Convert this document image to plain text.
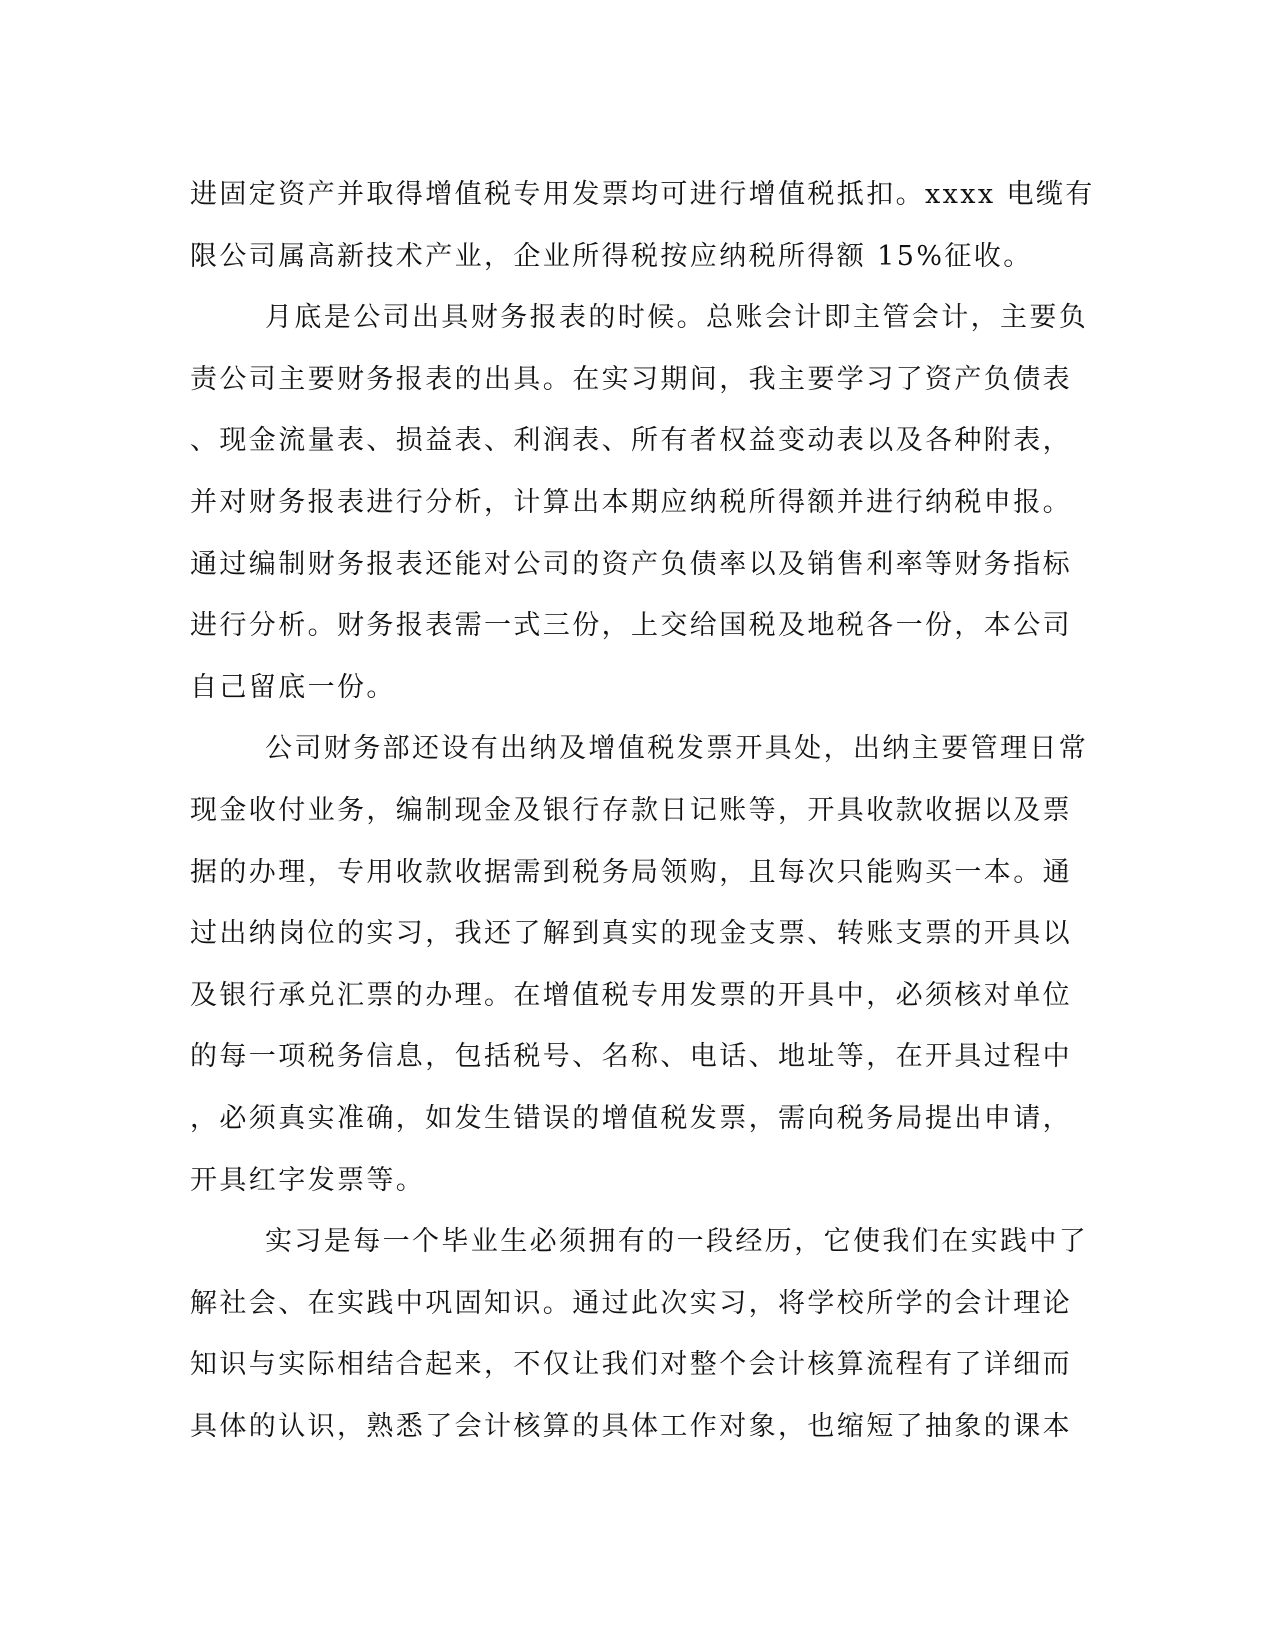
进固定资产并取得增值税专用发票均可进行增值税抵扣。xxxx 电缆有
限公司属高新技术产业，企业所得税按应纳税所得额 15%征收。
月底是公司出具财务报表的时候。总账会计即主管会计，主要负
责公司主要财务报表的出具。在实习期间，我主要学习了资产负债表
、现金流量表、损益表、利润表、所有者权益变动表以及各种附表，
并对财务报表进行分析，计算出本期应纳税所得额并进行纳税申报。
通过编制财务报表还能对公司的资产负债率以及销售利率等财务指标
进行分析。财务报表需一式三份，上交给国税及地税各一份，本公司
自己留底一份。
公司财务部还设有出纳及增值税发票开具处，出纳主要管理日常
现金收付业务，编制现金及银行存款日记账等，开具收款收据以及票
据的办理，专用收款收据需到税务局领购，且每次只能购买一本。通
过出纳岗位的实习，我还了解到真实的现金支票、转账支票的开具以
及银行承兑汇票的办理。在增值税专用发票的开具中，必须核对单位
的每一项税务信息，包括税号、名称、电话、地址等，在开具过程中
，必须真实准确，如发生错误的增值税发票，需向税务局提出申请，
开具红字发票等。
实习是每一个毕业生必须拥有的一段经历，它使我们在实践中了
解社会、在实践中巩固知识。通过此次实习，将学校所学的会计理论
知识与实际相结合起来，不仅让我们对整个会计核算流程有了详细而
具体的认识，熟悉了会计核算的具体工作对象，也缩短了抽象的课本
